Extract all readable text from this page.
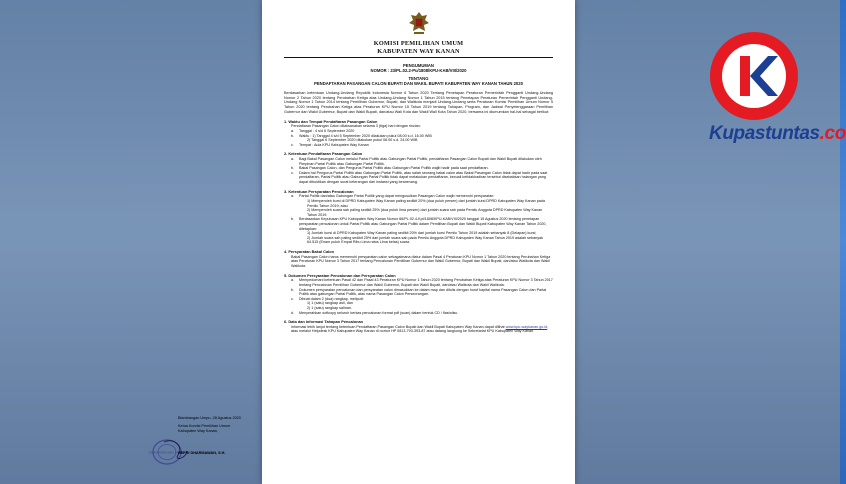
KOMISI PEMILIHAN UMUM
KABUPATEN WAY KANAN
PENGUMUMAN
NOMOR : 23/PL.02.2-Pu/1808/KPU-KAB/VIII/2020
TENTANG
PENDAFTARAN PASANGAN CALON BUPATI DAN WAKIL BUPATI KABUPATEN WAY KANAN TAHUN 2020
Berdasarkan ketentuan Undang-Undang Republik Indonesia Nomor 6 Tahun 2020 Tentang Penetapan Peraturan Pemerintah Pengganti Undang-Undang Nomor 2 Tahun 2020 tentang Perubahan Ketiga atas Undang-Undang Nomor 1 Tahun 2015 tentang Penetapan Peraturan Pemerintah Pengganti Undang-Undang Nomor 1 Tahun 2014 tentang Pemilihan Gubernur, Bupati, dan Walikota menjadi Undang-Undang serta Peraturan Komisi Pemilihan Umum Nomor 5 Tahun 2020 tentang Perubahan Ketiga atas Peraturan KPU Nomor 15 Tahun 2019 tentang Tahapan, Program, dan Jadwal Penyelenggaraan Pemilihan Gubernur dan Wakil Gubernur, Bupati dan Wakil Bupati, dan/atau Wali Kota dan Wakil Wali Kota Tahun 2020, bersama ini diumumkan hal-hal sebagai berikut:
1. Waktu dan Tempat Pendaftaran Pasangan Calon
Pendaftaran Pasangan Calon dilaksanakan selama 3 (tiga) hari dengan rincian:
a.	Tanggal : 4 s/d 6 September 2020
b.	Waktu : 1) Tanggal 4 s/d 5 September 2020 dilakukan pukul 08.00 s.d. 16.00 WIB
2) Tanggal 6 September 2020 dilakukan pukul 08.00 s.d. 24.00 WIB
c.	Tempat : Aula KPU Kabupaten Way Kanan
2. Ketentuan Pendaftaran Pasangan Calon
a.	Bagi Bakal Pasangan Calon melalui Partai Politik atau Gabungan Partai Politik, pendaftaran Pasangan Calon Bupati dan Wakil Bupati dilakukan oleh Pimpinan Partai Politik atau Gabungan Partai Politik.
b.	Bakal Pasangan Calon, dan Pengurus Partai Politik atau Gabungan Partai Politik wajib hadir pada saat pendaftaran.
c.	Dalam hal Pengurus Partai Politik atau Gabungan Partai Politik, atau salah seorang bakal calon atau Bakal Pasangan Calon tidak dapat hadir pada saat pendaftaran, Partai Politik atau Gabungan Partai Politik tidak dapat melakukan pendaftaran, kecuali ketidakhadiran tersebut disebabkan halangan yang dapat dibuktikan dengan surat keterangan dari instansi yang berwenang.
3. Ketentuan Persyaratan Pencalonan
a.	Partai Politik dan/atau Gabungan Partai Politik yang dapat mengusulkan Pasangan Calon wajib memenuhi persyaratan:
1) Memperoleh kursi di DPRD Kabupaten Way Kanan paling sedikit 20% (dua puluh persen) dari jumlah kursi DPRD Kabupaten Way Kanan pada Pemilu Tahun 2019; atau
2) Memperoleh suara sah paling sedikit 25% (dua puluh lima persen) dari jumlah suara sah pada Pemilu Anggota DPRD Kabupaten Way Kanan Tahun 2019.
b.	Berdasarkan Keputusan KPU Kabupaten Way Kanan Nomor 66/PL.02.4-Kpt/1808/KPU-KAB/VIII/2020 tanggal 15 Agustus 2020 tentang penetapan persyaratan pencalonan untuk Partai Politik atau Gabungan Partai Politik dalam Pemilihan Bupati dan Wakil Bupati Kabupaten Way Kanan Tahun 2020, ditetapkan:
1) Jumlah kursi di DPRD Kabupaten Way Kanan paling sedikit 20% dari jumlah kursi Pemilu Tahun 2019 adalah sebanyak 8 (Delapan) kursi;
2) Jumlah suara sah paling sedikit 25% dari jumlah suara sah pada Pemilu Anggota DPRD Kabupaten Way Kanan Tahun 2019 adalah sebanyak 64.515 (Enam puluh Empat Ribu Lima ratus Lima belas) suara.
4. Persyaratan Bakal Calon
Bakal Pasangan Calon harus memenuhi persyaratan calon sebagaimana diatur dalam Pasal 4 Peraturan KPU Nomor 1 Tahun 2020 tentang Perubahan Ketiga atas Peraturan KPU Nomor 3 Tahun 2017 tentang Pencalonan Pemilihan Gubernur dan Wakil Gubernur, Bupati dan Wakil Bupati, dan/atau Walikota dan Wakil Walikota.
5. Dokumen Persyaratan Pencalonan dan Persyaratan Calon
a.	Mempedomani ketentuan Pasal 42 dan Pasal 43 Peraturan KPU Nomor 1 Tahun 2020 tentang Perubahan Ketiga atas Peraturan KPU Nomor 3 Tahun 2017 tentang Pencalonan Pemilihan Gubernur dan Wakil Gubernur, Bupati dan Wakil Bupati, dan/atau Walikota dan Wakil Walikota.
b.	Dokumen persyaratan pencalonan dan persyaratan calon dimasukkan ke dalam map dan ditulis dengan huruf kapital nama Pasangan Calon dan Partai Politik atau gabungan Partai Politik, atau nama Pasangan Calon Perseorangan.
c.	Dibuat dalam 2 (dua) rangkap, meliputi:
1) 1 (satu) rangkap asli, dan
2) 1 (satu) rangkap salinan.
d.	Menyerahkan softcopy seluruh berkas pencalonan format pdf (scan) dalam bentuk CD / flashdisc.
6. Data dan Informasi Tahapan Pencalonan
Informasi lebih lanjut tentang ketentuan Pendaftaran Pasangan Calon Bupati dan Wakil Bupati Kabupaten Way Kanan dapat dilihat www.kpu-waykanan.go.id, atau melalui Helpdesk KPU Kabupaten Way Kanan di nomor HP 0813-793-393-87 atau datang langsung ke Sekretariat KPU Kabupaten Way Kanan.
KABUPATEN WAY KANAN
Blambangan Umpu, 28 Agustus 2020
Ketua Komisi Pemilihan Umum
Kabupaten Way Kanan,
HEFRI DHARMAWAN, S.H.
Kupastuntas.co
